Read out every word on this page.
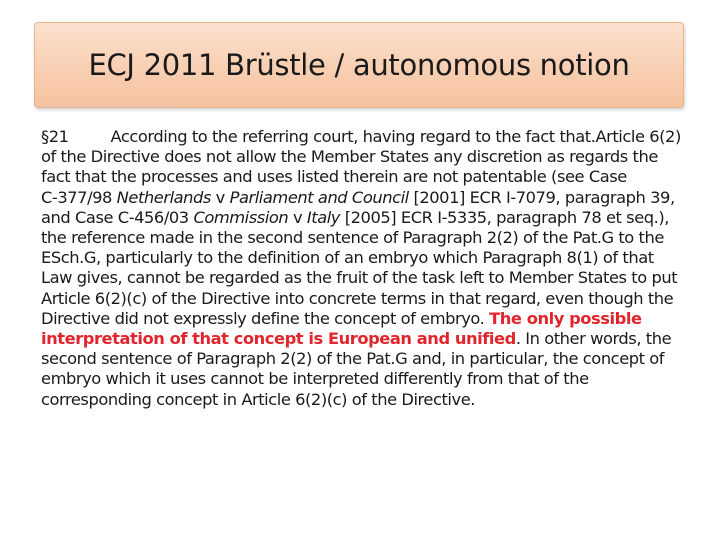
ECJ 2011 Brüstle / autonomous notion
§21	According to the referring court, having regard to the fact that.Article 6(2) of the Directive does not allow the Member States any discretion as regards the fact that the processes and uses listed therein are not patentable (see Case C‑377/98 Netherlands v Parliament and Council [2001] ECR I‑7079, paragraph 39, and Case C‑456/03 Commission v Italy [2005] ECR I‑5335, paragraph 78 et seq.), the reference made in the second sentence of Paragraph 2(2) of the Pat.G to the ESch.G, particularly to the definition of an embryo which Paragraph 8(1) of that Law gives, cannot be regarded as the fruit of the task left to Member States to put Article 6(2)(c) of the Directive into concrete terms in that regard, even though the Directive did not expressly define the concept of embryo. The only possible interpretation of that concept is European and unified. In other words, the second sentence of Paragraph 2(2) of the Pat.G and, in particular, the concept of embryo which it uses cannot be interpreted differently from that of the corresponding concept in Article 6(2)(c) of the Directive.
